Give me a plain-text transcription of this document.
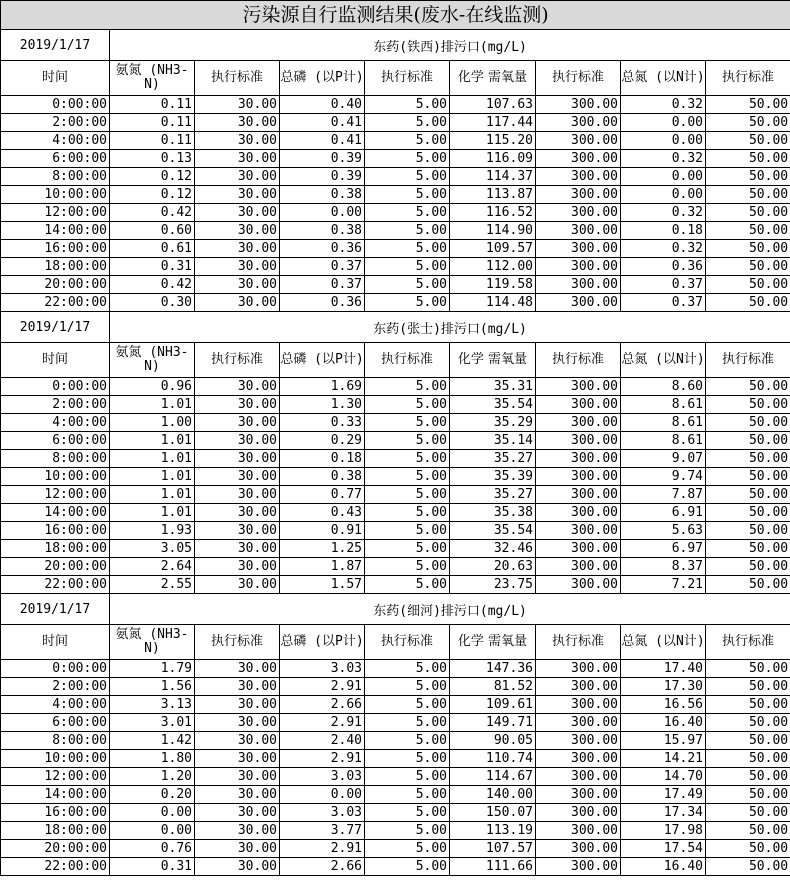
污染源自行监测结果(废水-在线监测)								
2019/1/17	东药(铁西)排污口(mg/L)							
时间	氨氮 (NH3-N)	执行标准	总磷 (以P计)	执行标准	化学 需氧量	执行标准	总氮 (以N计)	执行标准
0:00:00	0.11	30.00	0.40	5.00	107.63	300.00	0.32	50.00
2:00:00	0.11	30.00	0.41	5.00	117.44	300.00	0.00	50.00
4:00:00	0.11	30.00	0.41	5.00	115.20	300.00	0.00	50.00
6:00:00	0.13	30.00	0.39	5.00	116.09	300.00	0.32	50.00
8:00:00	0.12	30.00	0.39	5.00	114.37	300.00	0.00	50.00
10:00:00	0.12	30.00	0.38	5.00	113.87	300.00	0.00	50.00
12:00:00	0.42	30.00	0.00	5.00	116.52	300.00	0.32	50.00
14:00:00	0.60	30.00	0.38	5.00	114.90	300.00	0.18	50.00
16:00:00	0.61	30.00	0.36	5.00	109.57	300.00	0.32	50.00
18:00:00	0.31	30.00	0.37	5.00	112.00	300.00	0.36	50.00
20:00:00	0.42	30.00	0.37	5.00	119.58	300.00	0.37	50.00
22:00:00	0.30	30.00	0.36	5.00	114.48	300.00	0.37	50.00
2019/1/17	东药(张士)排污口(mg/L)							
时间	氨氮 (NH3-N)	执行标准	总磷 (以P计)	执行标准	化学 需氧量	执行标准	总氮 (以N计)	执行标准
0:00:00	0.96	30.00	1.69	5.00	35.31	300.00	8.60	50.00
2:00:00	1.01	30.00	1.30	5.00	35.54	300.00	8.61	50.00
4:00:00	1.00	30.00	0.33	5.00	35.29	300.00	8.61	50.00
6:00:00	1.01	30.00	0.29	5.00	35.14	300.00	8.61	50.00
8:00:00	1.01	30.00	0.18	5.00	35.27	300.00	9.07	50.00
10:00:00	1.01	30.00	0.38	5.00	35.39	300.00	9.74	50.00
12:00:00	1.01	30.00	0.77	5.00	35.27	300.00	7.87	50.00
14:00:00	1.01	30.00	0.43	5.00	35.38	300.00	6.91	50.00
16:00:00	1.93	30.00	0.91	5.00	35.54	300.00	5.63	50.00
18:00:00	3.05	30.00	1.25	5.00	32.46	300.00	6.97	50.00
20:00:00	2.64	30.00	1.87	5.00	20.63	300.00	8.37	50.00
22:00:00	2.55	30.00	1.57	5.00	23.75	300.00	7.21	50.00
2019/1/17	东药(细河)排污口(mg/L)							
时间	氨氮 (NH3-N)	执行标准	总磷 (以P计)	执行标准	化学 需氧量	执行标准	总氮 (以N计)	执行标准
0:00:00	1.79	30.00	3.03	5.00	147.36	300.00	17.40	50.00
2:00:00	1.56	30.00	2.91	5.00	81.52	300.00	17.30	50.00
4:00:00	3.13	30.00	2.66	5.00	109.61	300.00	16.56	50.00
6:00:00	3.01	30.00	2.91	5.00	149.71	300.00	16.40	50.00
8:00:00	1.42	30.00	2.40	5.00	90.05	300.00	15.97	50.00
10:00:00	1.80	30.00	2.91	5.00	110.74	300.00	14.21	50.00
12:00:00	1.20	30.00	3.03	5.00	114.67	300.00	14.70	50.00
14:00:00	0.20	30.00	0.00	5.00	140.00	300.00	17.49	50.00
16:00:00	0.00	30.00	3.03	5.00	150.07	300.00	17.34	50.00
18:00:00	0.00	30.00	3.77	5.00	113.19	300.00	17.98	50.00
20:00:00	0.76	30.00	2.91	5.00	107.57	300.00	17.54	50.00
22:00:00	0.31	30.00	2.66	5.00	111.66	300.00	16.40	50.00
